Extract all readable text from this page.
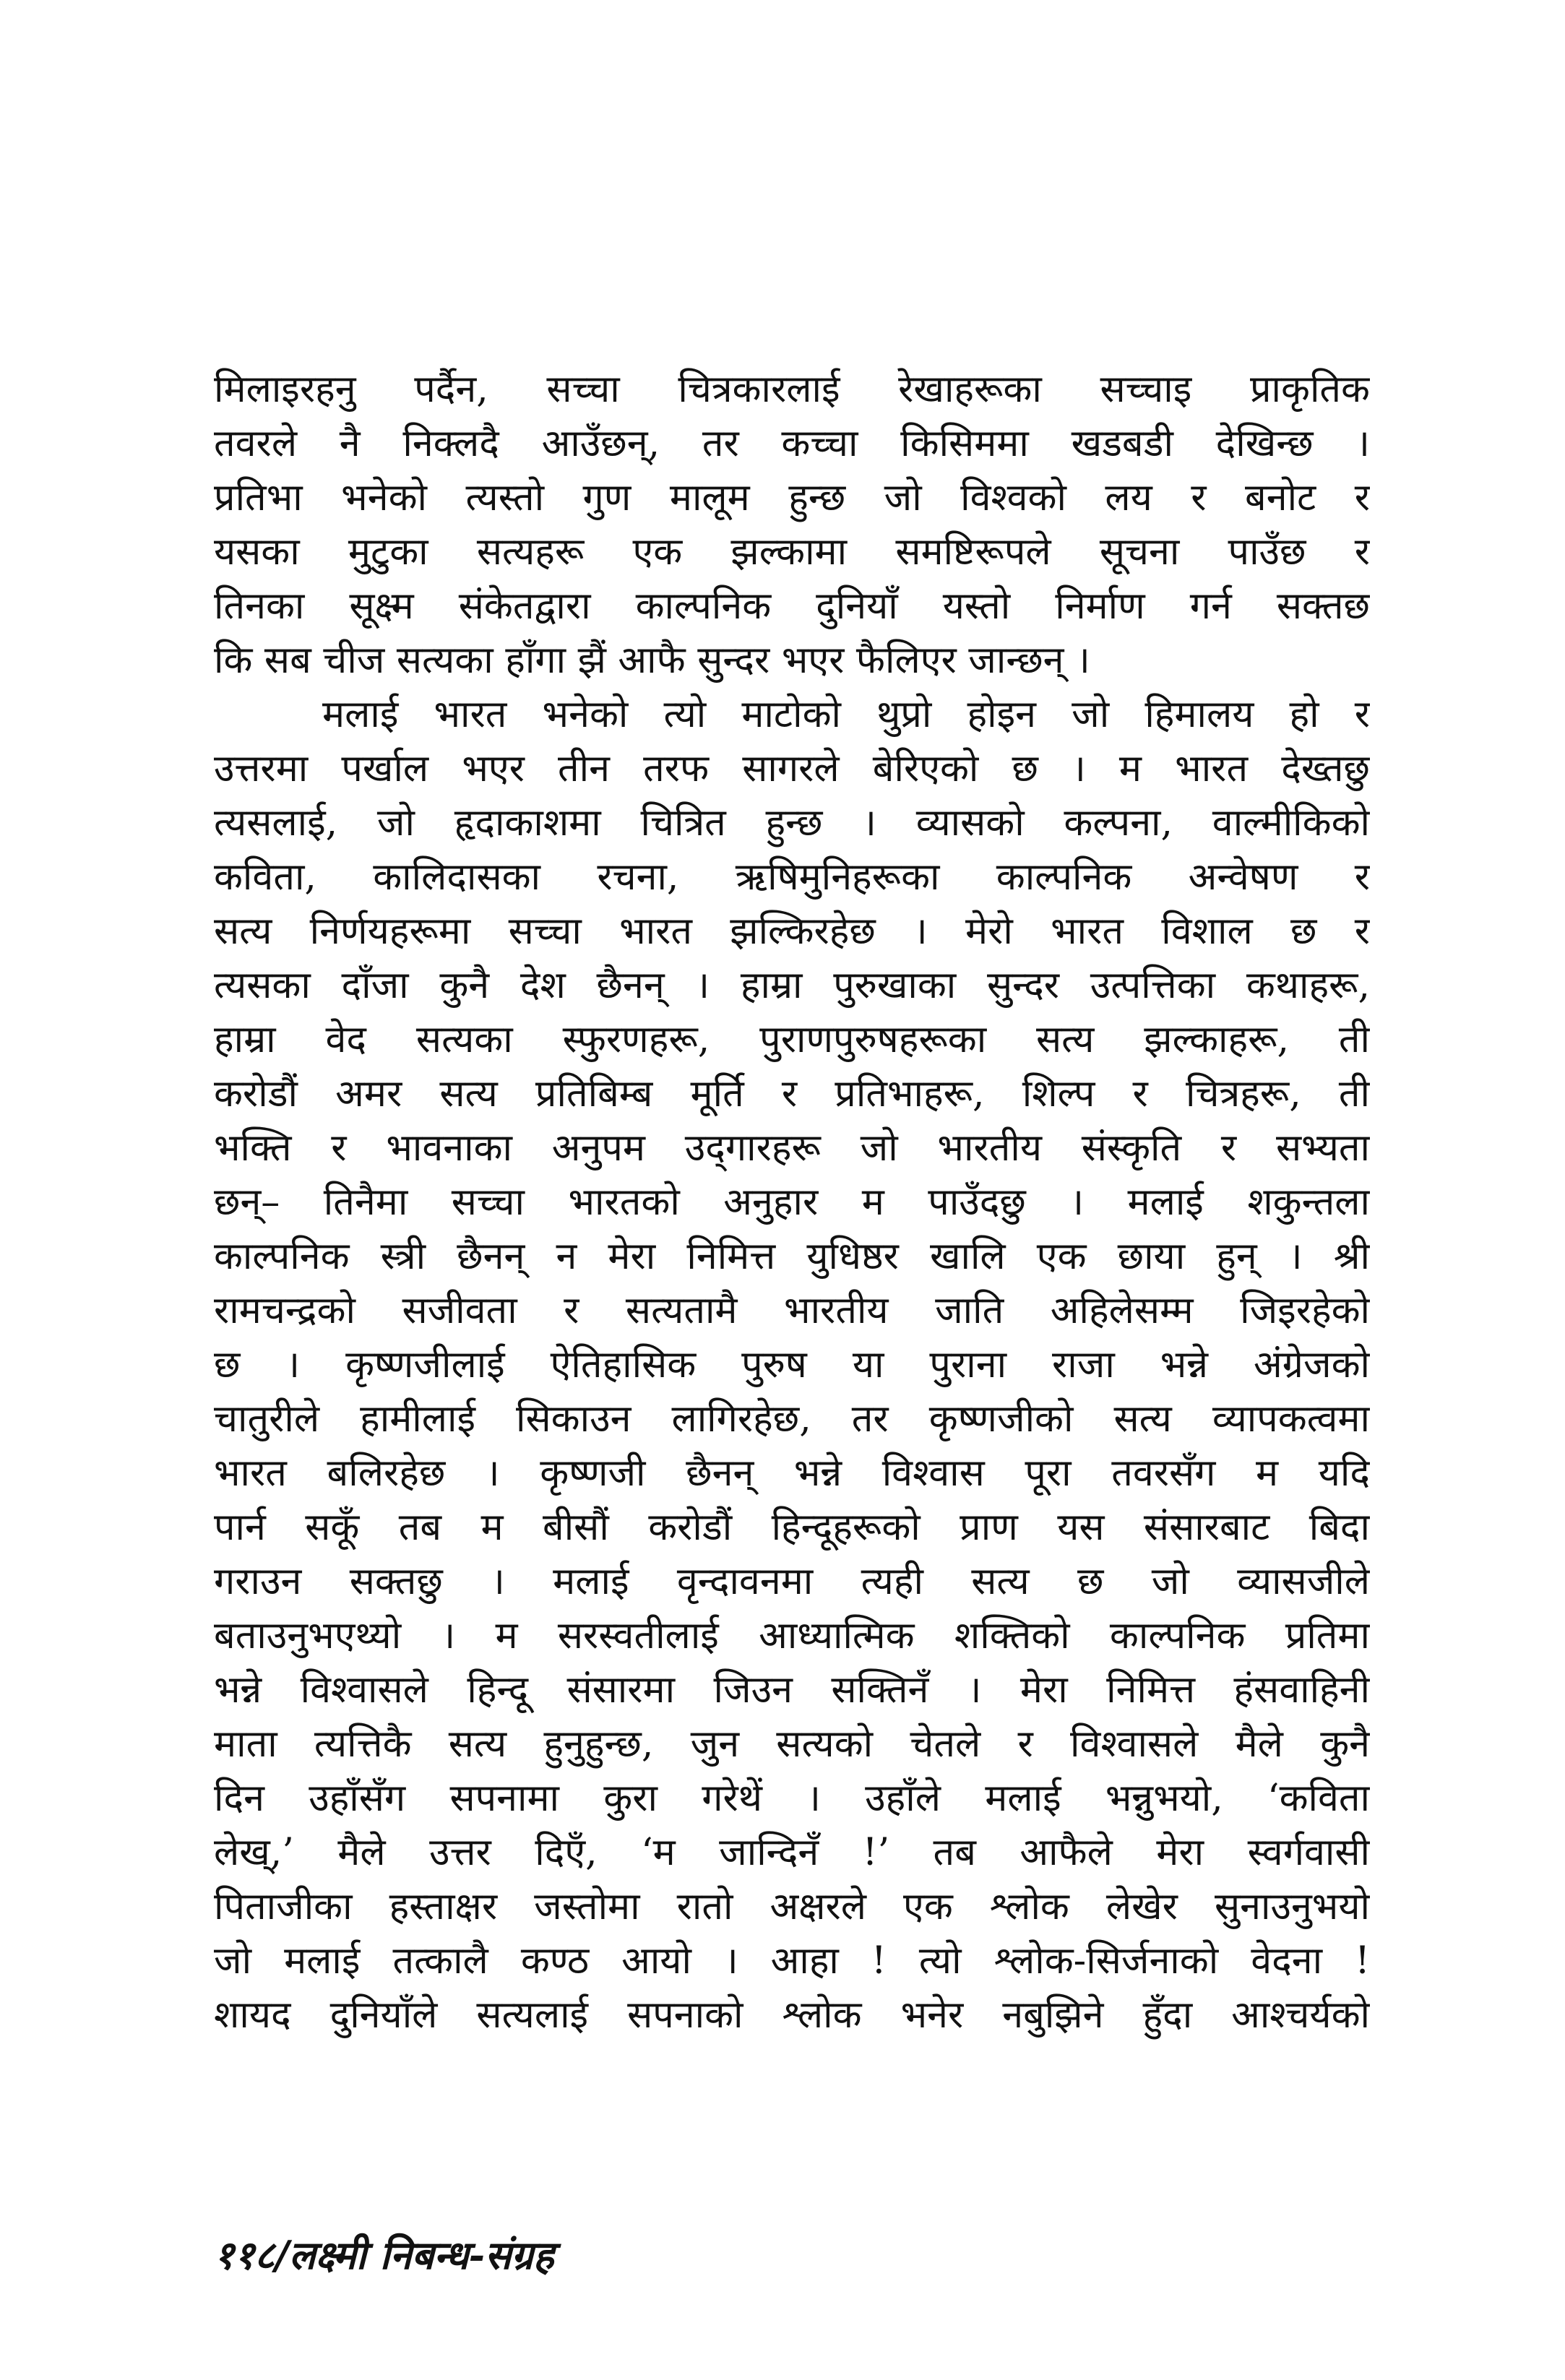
मिलाइरहनु पर्दैन, सच्चा चित्रकारलाई रेखाहरूका सच्चाइ प्राकृतिक
तवरले नै निक्लदै आउँछन्, तर कच्चा किसिममा खडबडी देखिन्छ ।
प्रतिभा भनेको त्यस्तो गुण मालूम हुन्छ जो विश्वको लय र बनोट र
यसका मुटुका सत्यहरू एक झल्कामा समष्टिरूपले सूचना पाउँछ र
तिनका सूक्ष्म संकेतद्वारा काल्पनिक दुनियाँ यस्तो निर्माण गर्न सक्तछ
कि सब चीज सत्यका हाँगा झैं आफै सुन्दर भएर फैलिएर जान्छन् ।
मलाई भारत भनेको त्यो माटोको थुप्रो होइन जो हिमालय हो र
उत्तरमा पर्खाल भएर तीन तरफ सागरले बेरिएको छ । म भारत देख्तछु
त्यसलाई, जो हृदाकाशमा चित्रित हुन्छ । व्यासको कल्पना, वाल्मीकिको
कविता, कालिदासका रचना, ऋषिमुनिहरूका काल्पनिक अन्वेषण र
सत्य निर्णयहरूमा सच्चा भारत झल्किरहेछ । मेरो भारत विशाल छ र
त्यसका दाँजा कुनै देश छैनन् । हाम्रा पुरुखाका सुन्दर उत्पत्तिका कथाहरू,
हाम्रा वेद सत्यका स्फुरणहरू, पुराणपुरुषहरूका सत्य झल्काहरू, ती
करोडौं अमर सत्य प्रतिबिम्ब मूर्ति र प्रतिभाहरू, शिल्प र चित्रहरू, ती
भक्ति र भावनाका अनुपम उद्‌गारहरू जो भारतीय संस्कृति र सभ्यता
छन्– तिनैमा सच्चा भारतको अनुहार म पाउँदछु । मलाई शकुन्तला
काल्पनिक स्त्री छैनन् न मेरा निमित्त युधिष्ठर खालि एक छाया हुन् । श्री
रामचन्द्रको सजीवता र सत्यतामै भारतीय जाति अहिलेसम्म जिइरहेको
छ । कृष्णजीलाई ऐतिहासिक पुरुष या पुराना राजा भन्ने अंग्रेजको
चातुरीले हामीलाई सिकाउन लागिरहेछ, तर कृष्णजीको सत्य व्यापकत्वमा
भारत बलिरहेछ । कृष्णजी छैनन् भन्ने विश्वास पूरा तवरसँग म यदि
पार्न सकूँ तब म बीसौं करोडौं हिन्दूहरूको प्राण यस संसारबाट बिदा
गराउन सक्तछु । मलाई वृन्दावनमा त्यही सत्य छ जो व्यासजीले
बताउनुभएथ्यो । म सरस्वतीलाई आध्यात्मिक शक्तिको काल्पनिक प्रतिमा
भन्ने विश्वासले हिन्दू संसारमा जिउन सक्तिनँ । मेरा निमित्त हंसवाहिनी
माता त्यत्तिकै सत्य हुनुहुन्छ, जुन सत्यको चेतले र विश्वासले मैले कुनै
दिन उहाँसँग सपनामा कुरा गरेथें । उहाँले मलाई भन्नुभयो, ‘कविता
लेख्,’ मैले उत्तर दिएँ, ‘म जान्दिनँ !’ तब आफैले मेरा स्वर्गवासी
पिताजीका हस्ताक्षर जस्तोमा रातो अक्षरले एक श्लोक लेखेर सुनाउनुभयो
जो मलाई तत्कालै कण्ठ आयो । आहा ! त्यो श्लोक-सिर्जनाको वेदना !
शायद दुनियाँले सत्यलाई सपनाको श्लोक भनेर नबुझिने हुँदा आश्चर्यको
११८/लक्ष्मी निबन्ध-संग्रह
